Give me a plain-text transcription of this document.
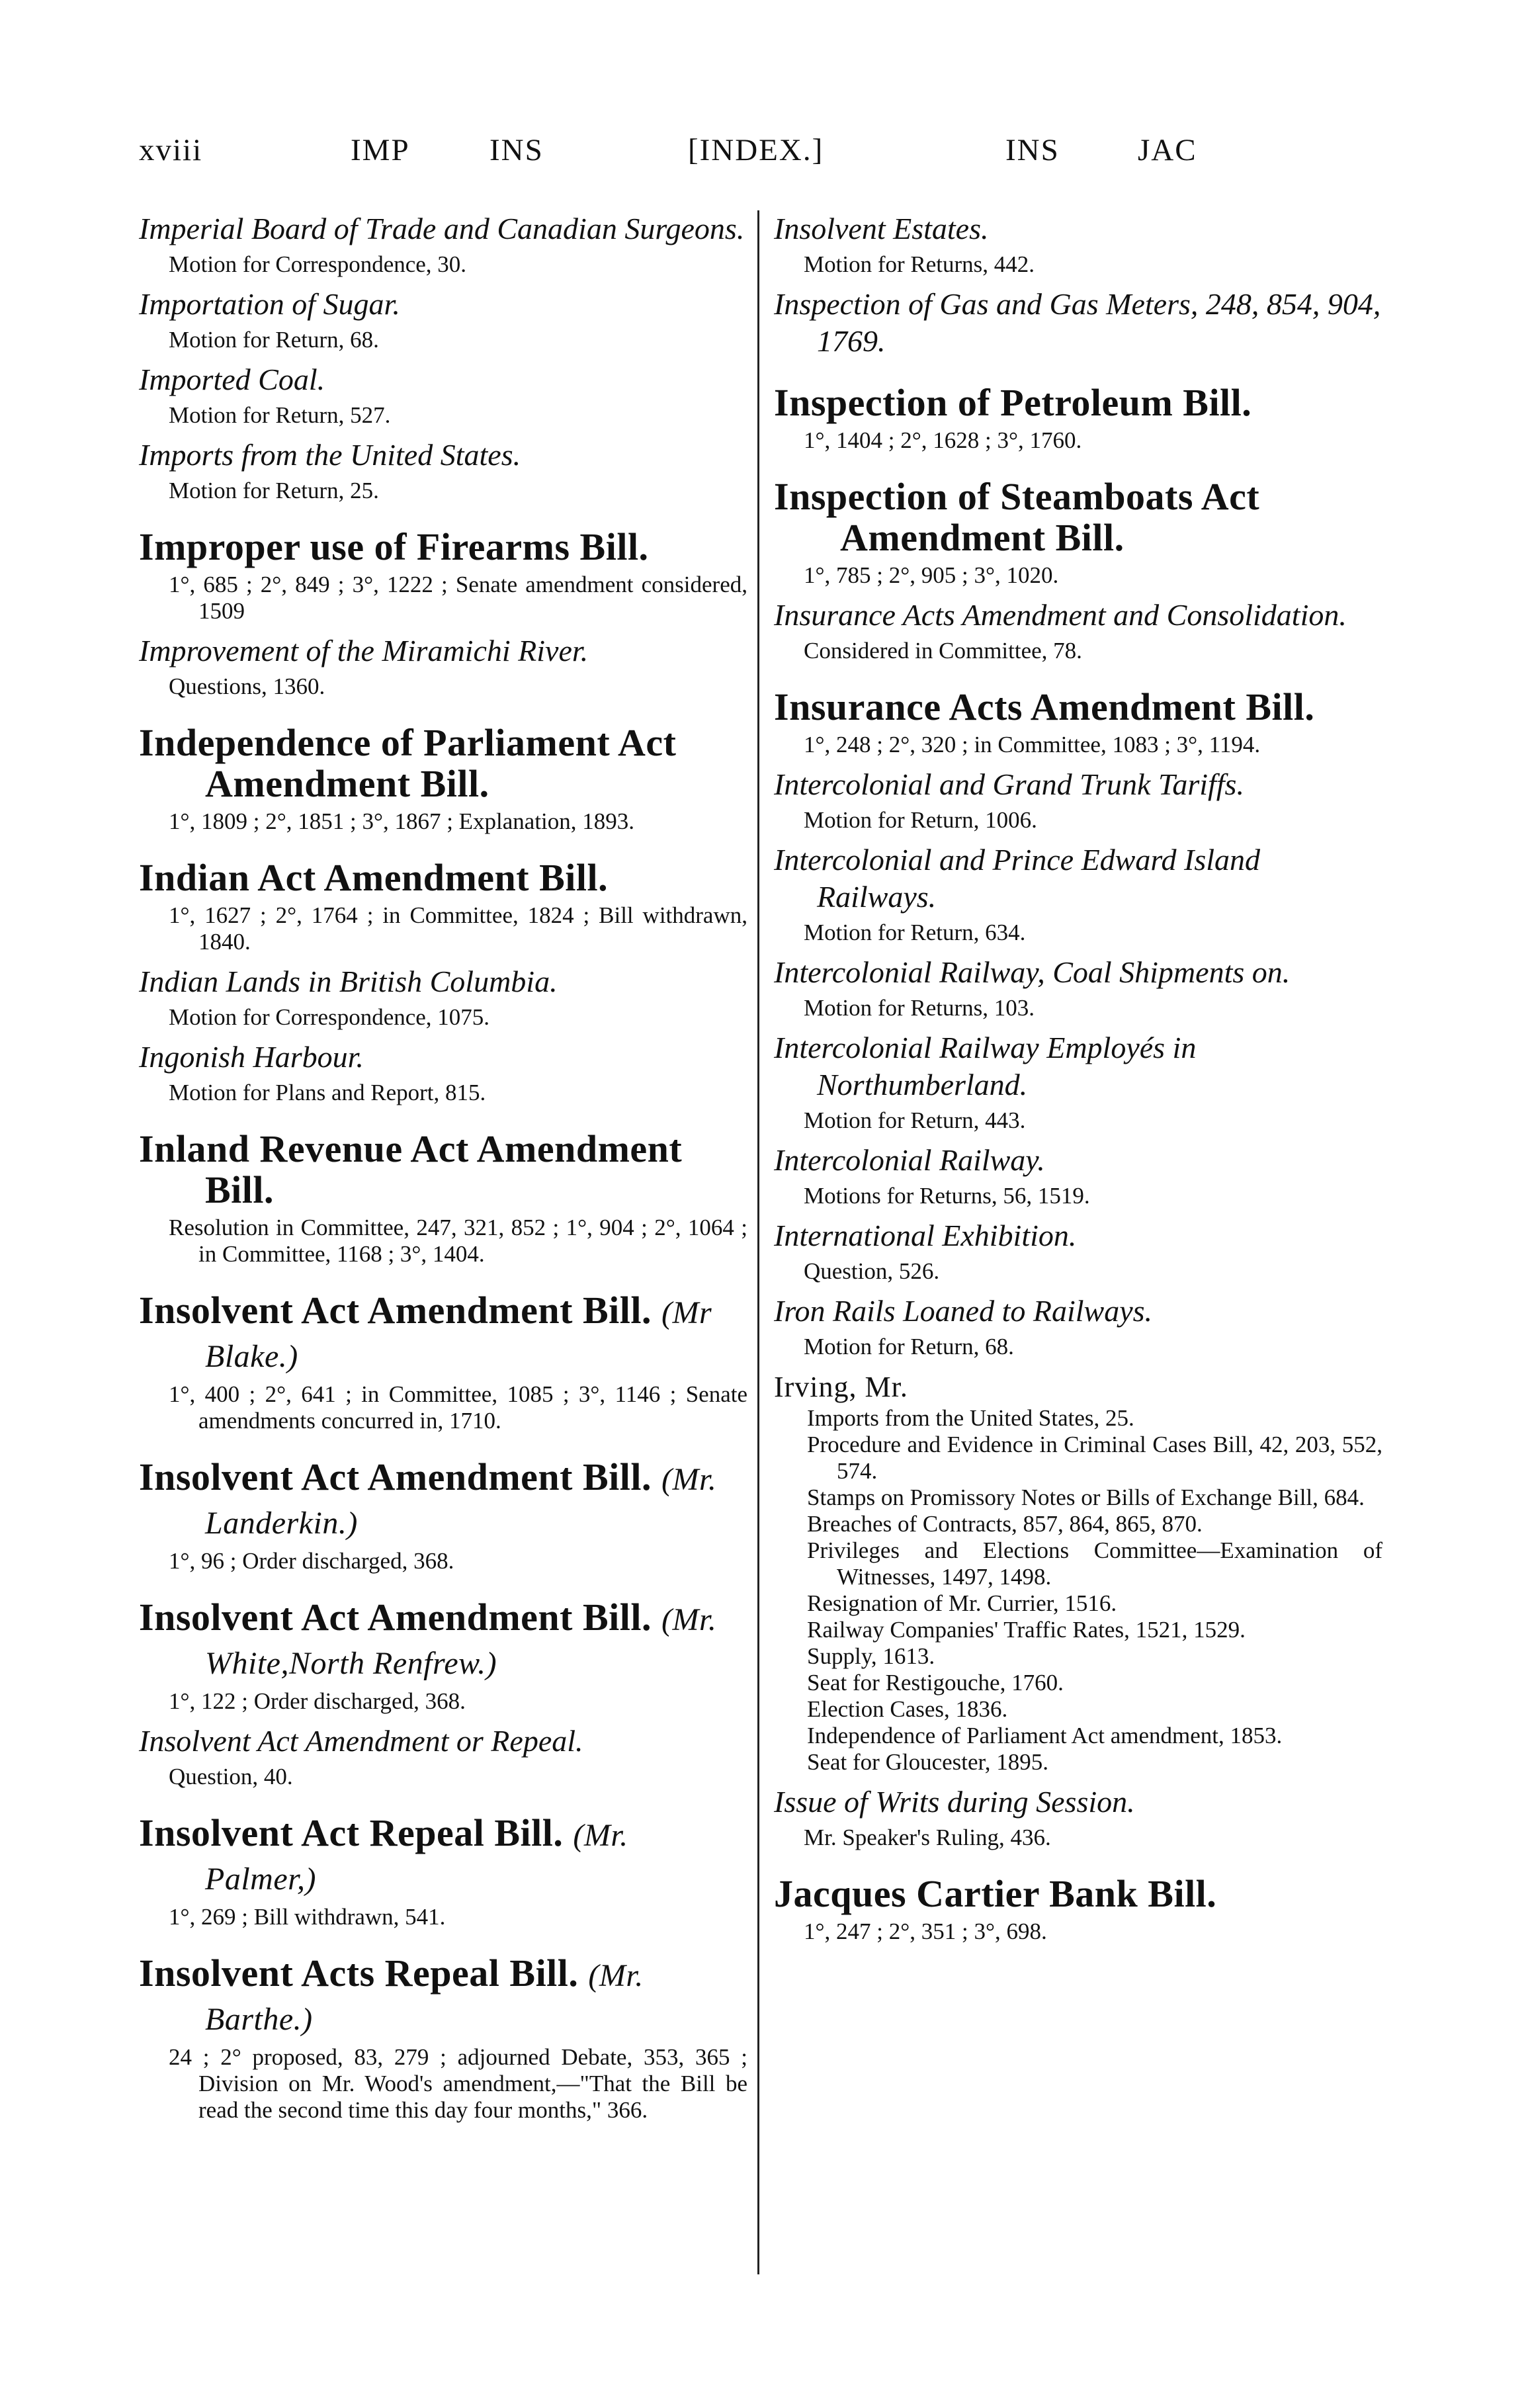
xviii	IMP	INS	[INDEX.]	INS	JAC
Imperial Board of Trade and Canadian Surgeons.
Motion for Correspondence, 30.
Importation of Sugar.
Motion for Return, 68.
Imported Coal.
Motion for Return, 527.
Imports from the United States.
Motion for Return, 25.
Improper use of Firearms Bill.
1°, 685 ; 2°, 849 ; 3°, 1222 ; Senate amendment considered, 1509
Improvement of the Miramichi River.
Questions, 1360.
Independence of Parliament Act Amendment Bill.
1°, 1809 ; 2°, 1851 ; 3°, 1867 ; Explanation, 1893.
Indian Act Amendment Bill.
1°, 1627 ; 2°, 1764 ; in Committee, 1824 ; Bill withdrawn, 1840.
Indian Lands in British Columbia.
Motion for Correspondence, 1075.
Ingonish Harbour.
Motion for Plans and Report, 815.
Inland Revenue Act Amendment Bill.
Resolution in Committee, 247, 321, 852 ; 1°, 904 ; 2°, 1064 ; in Committee, 1168 ; 3°, 1404.
Insolvent Act Amendment Bill. (Mr Blake.)
1°, 400 ; 2°, 641 ; in Committee, 1085 ; 3°, 1146 ; Senate amendments concurred in, 1710.
Insolvent Act Amendment Bill. (Mr. Landerkin.)
1°, 96 ; Order discharged, 368.
Insolvent Act Amendment Bill. (Mr. White,North Renfrew.)
1°, 122 ; Order discharged, 368.
Insolvent Act Amendment or Repeal.
Question, 40.
Insolvent Act Repeal Bill. (Mr. Palmer,)
1°, 269 ; Bill withdrawn, 541.
Insolvent Acts Repeal Bill. (Mr. Barthe.)
24 ; 2° proposed, 83, 279 ; adjourned Debate, 353, 365 ; Division on Mr. Wood's amendment,—"That the Bill be read the second time this day four months," 366.
Insolvent Estates.
Motion for Returns, 442.
Inspection of Gas and Gas Meters, 248, 854, 904, 1769.
Inspection of Petroleum Bill.
1°, 1404 ; 2°, 1628 ; 3°, 1760.
Inspection of Steamboats Act Amendment Bill.
1°, 785 ; 2°, 905 ; 3°, 1020.
Insurance Acts Amendment and Consolidation.
Considered in Committee, 78.
Insurance Acts Amendment Bill.
1°, 248 ; 2°, 320 ; in Committee, 1083 ; 3°, 1194.
Intercolonial and Grand Trunk Tariffs.
Motion for Return, 1006.
Intercolonial and Prince Edward Island Railways.
Motion for Return, 634.
Intercolonial Railway, Coal Shipments on.
Motion for Returns, 103.
Intercolonial Railway Employés in Northumberland.
Motion for Return, 443.
Intercolonial Railway.
Motions for Returns, 56, 1519.
International Exhibition.
Question, 526.
Iron Rails Loaned to Railways.
Motion for Return, 68.
Irving, Mr.
Imports from the United States, 25.
Procedure and Evidence in Criminal Cases Bill, 42, 203, 552, 574.
Stamps on Promissory Notes or Bills of Exchange Bill, 684.
Breaches of Contracts, 857, 864, 865, 870.
Privileges and Elections Committee—Examination of Witnesses, 1497, 1498.
Resignation of Mr. Currier, 1516.
Railway Companies' Traffic Rates, 1521, 1529.
Supply, 1613.
Seat for Restigouche, 1760.
Election Cases, 1836.
Independence of Parliament Act amendment, 1853.
Seat for Gloucester, 1895.
Issue of Writs during Session.
Mr. Speaker's Ruling, 436.
Jacques Cartier Bank Bill.
1°, 247 ; 2°, 351 ; 3°, 698.
